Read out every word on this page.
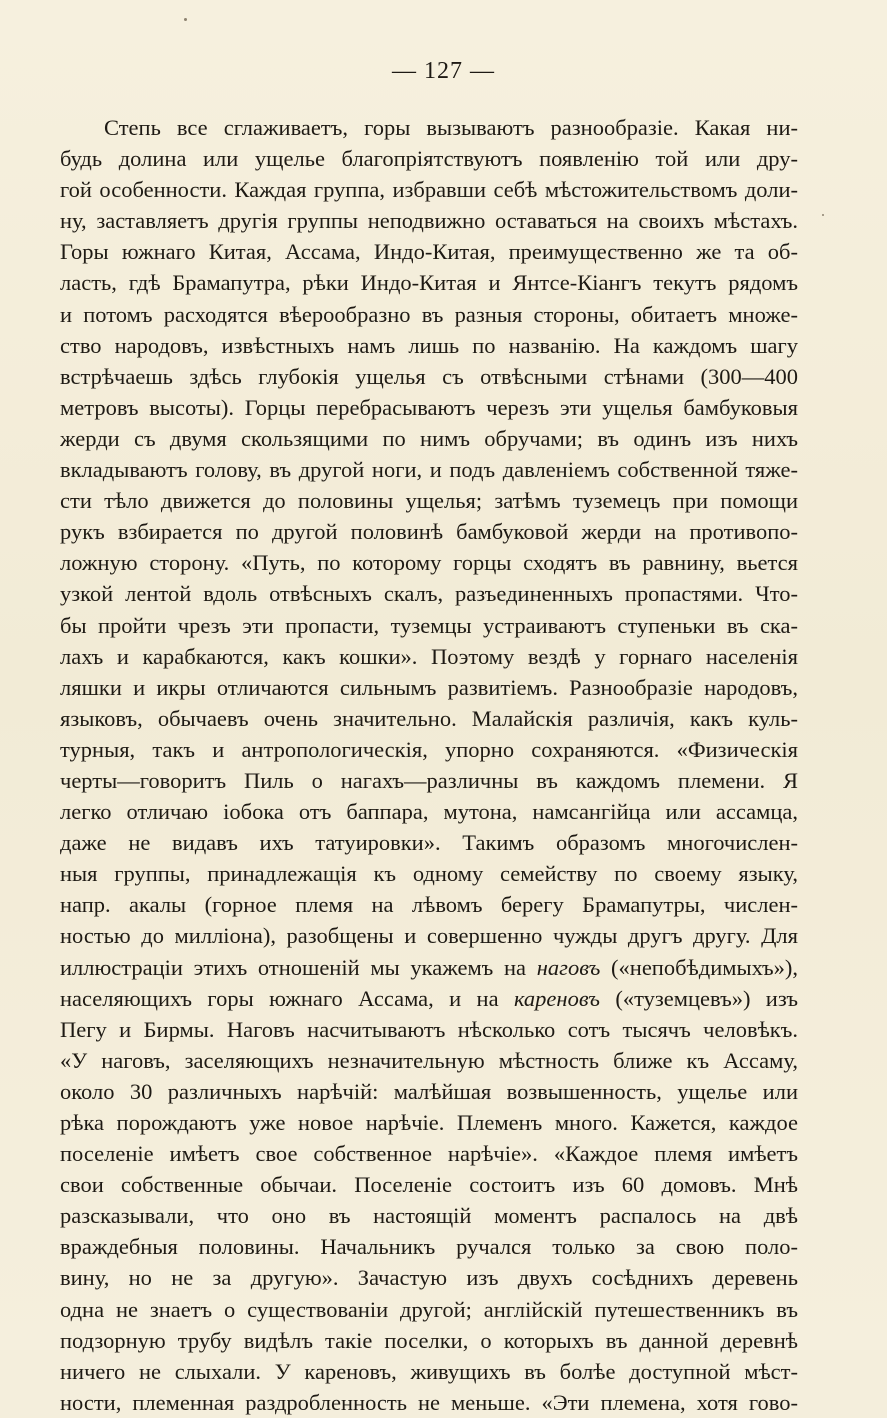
— 127 —
Степь все сглаживаетъ, горы вызываютъ разнообразіе. Какая ни-
будь долина или ущелье благопріятствуютъ появленію той или дру-
гой особенности. Каждая группа, избравши себѣ мѣстожительствомъ доли-
ну, заставляетъ другія группы неподвижно оставаться на своихъ мѣстахъ.
Горы южнаго Китая, Ассама, Индо-Китая, преимущественно же та об-
ласть, гдѣ Брамапутра, рѣки Индо-Китая и Янтсе-Кіангъ текутъ рядомъ
и потомъ расходятся вѣерообразно въ разныя стороны, обитаетъ множе-
ство народовъ, извѣстныхъ намъ лишь по названію. На каждомъ шагу
встрѣчаешь здѣсь глубокія ущелья съ отвѣсными стѣнами (300—400
метровъ высоты). Горцы перебрасываютъ черезъ эти ущелья бамбуковыя
жерди съ двумя скользящими по нимъ обручами; въ одинъ изъ нихъ
вкладываютъ голову, въ другой ноги, и подъ давленіемъ собственной тяже-
сти тѣло движется до половины ущелья; затѣмъ туземецъ при помощи
рукъ взбирается по другой половинѣ бамбуковой жерди на противопо-
ложную сторону. «Путь, по которому горцы сходятъ въ равнину, вьется
узкой лентой вдоль отвѣсныхъ скалъ, разъединенныхъ пропастями. Что-
бы пройти чрезъ эти пропасти, туземцы устраиваютъ ступеньки въ ска-
лахъ и карабкаются, какъ кошки». Поэтому вездѣ у горнаго населенія
ляшки и икры отличаются сильнымъ развитіемъ. Разнообразіе народовъ,
языковъ, обычаевъ очень значительно. Малайскія различія, какъ куль-
турныя, такъ и антропологическія, упорно сохраняются. «Физическія
черты—говоритъ Пиль о нагахъ—различны въ каждомъ племени. Я
легко отличаю іобока отъ баппара, мутона, намсангійца или ассамца,
даже не видавъ ихъ татуировки». Такимъ образомъ многочислен-
ныя группы, принадлежащія къ одному семейству по своему языку,
напр. акалы (горное племя на лѣвомъ берегу Брамапутры, числен-
ностью до милліона), разобщены и совершенно чужды другъ другу. Для
иллюстраціи этихъ отношеній мы укажемъ на наговъ («непобѣдимыхъ»),
населяющихъ горы южнаго Ассама, и на кареновъ («туземцевъ») изъ
Пегу и Бирмы. Наговъ насчитываютъ нѣсколько сотъ тысячъ человѣкъ.
«У наговъ, заселяющихъ незначительную мѣстность ближе къ Ассаму,
около 30 различныхъ нарѣчій: малѣйшая возвышенность, ущелье или
рѣка порождаютъ уже новое нарѣчіе. Племенъ много. Кажется, каждое
поселеніе имѣетъ свое собственное нарѣчіе». «Каждое племя имѣетъ
свои собственные обычаи. Поселеніе состоитъ изъ 60 домовъ. Мнѣ
разсказывали, что оно въ настоящій моментъ распалось на двѣ
враждебныя половины. Начальникъ ручался только за свою поло-
вину, но не за другую». Зачастую изъ двухъ сосѣднихъ деревень
одна не знаетъ о существованіи другой; англійскій путешественникъ въ
подзорную трубу видѣлъ такіе поселки, о которыхъ въ данной деревнѣ
ничего не слыхали. У кареновъ, живущихъ въ болѣе доступной мѣст-
ности, племенная раздробленность не меньше. «Эти племена, хотя гово-
